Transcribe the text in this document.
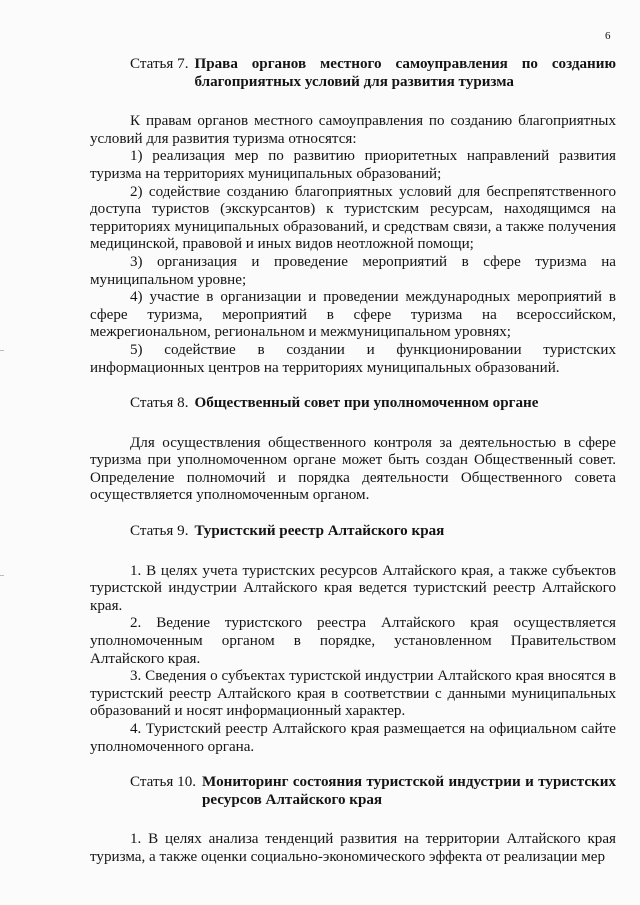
6
Статья 7. Права органов местного самоуправления по созданию благоприятных условий для развития туризма

К правам органов местного самоуправления по созданию благоприятных условий для развития туризма относятся:

1) реализация мер по развитию приоритетных направлений развития туризма на территориях муниципальных образований;

2) содействие созданию благоприятных условий для беспрепятственного доступа туристов (экскурсантов) к туристским ресурсам, находящимся на территориях муниципальных образований, и средствам связи, а также получения медицинской, правовой и иных видов неотложной помощи;

3) организация и проведение мероприятий в сфере туризма на муниципальном уровне;

4) участие в организации и проведении международных мероприятий в сфере туризма, мероприятий в сфере туризма на всероссийском, межрегиональном, региональном и межмуниципальном уровнях;

5) содействие в создании и функционировании туристских информационных центров на территориях муниципальных образований.

Статья 8. Общественный совет при уполномоченном органе

Для осуществления общественного контроля за деятельностью в сфере туризма при уполномоченном органе может быть создан Общественный совет. Определение полномочий и порядка деятельности Общественного совета осуществляется уполномоченным органом.

Статья 9. Туристский реестр Алтайского края

1. В целях учета туристских ресурсов Алтайского края, а также субъектов туристской индустрии Алтайского края ведется туристский реестр Алтайского края.

2. Ведение туристского реестра Алтайского края осуществляется уполномоченным органом в порядке, установленном Правительством Алтайского края.

3. Сведения о субъектах туристской индустрии Алтайского края вносятся в туристский реестр Алтайского края в соответствии с данными муниципальных образований и носят информационный характер.

4. Туристский реестр Алтайского края размещается на официальном сайте уполномоченного органа.

Статья 10. Мониторинг состояния туристской индустрии и туристских ресурсов Алтайского края

1. В целях анализа тенденций развития на территории Алтайского края туризма, а также оценки социально-экономического эффекта от реализации мер
